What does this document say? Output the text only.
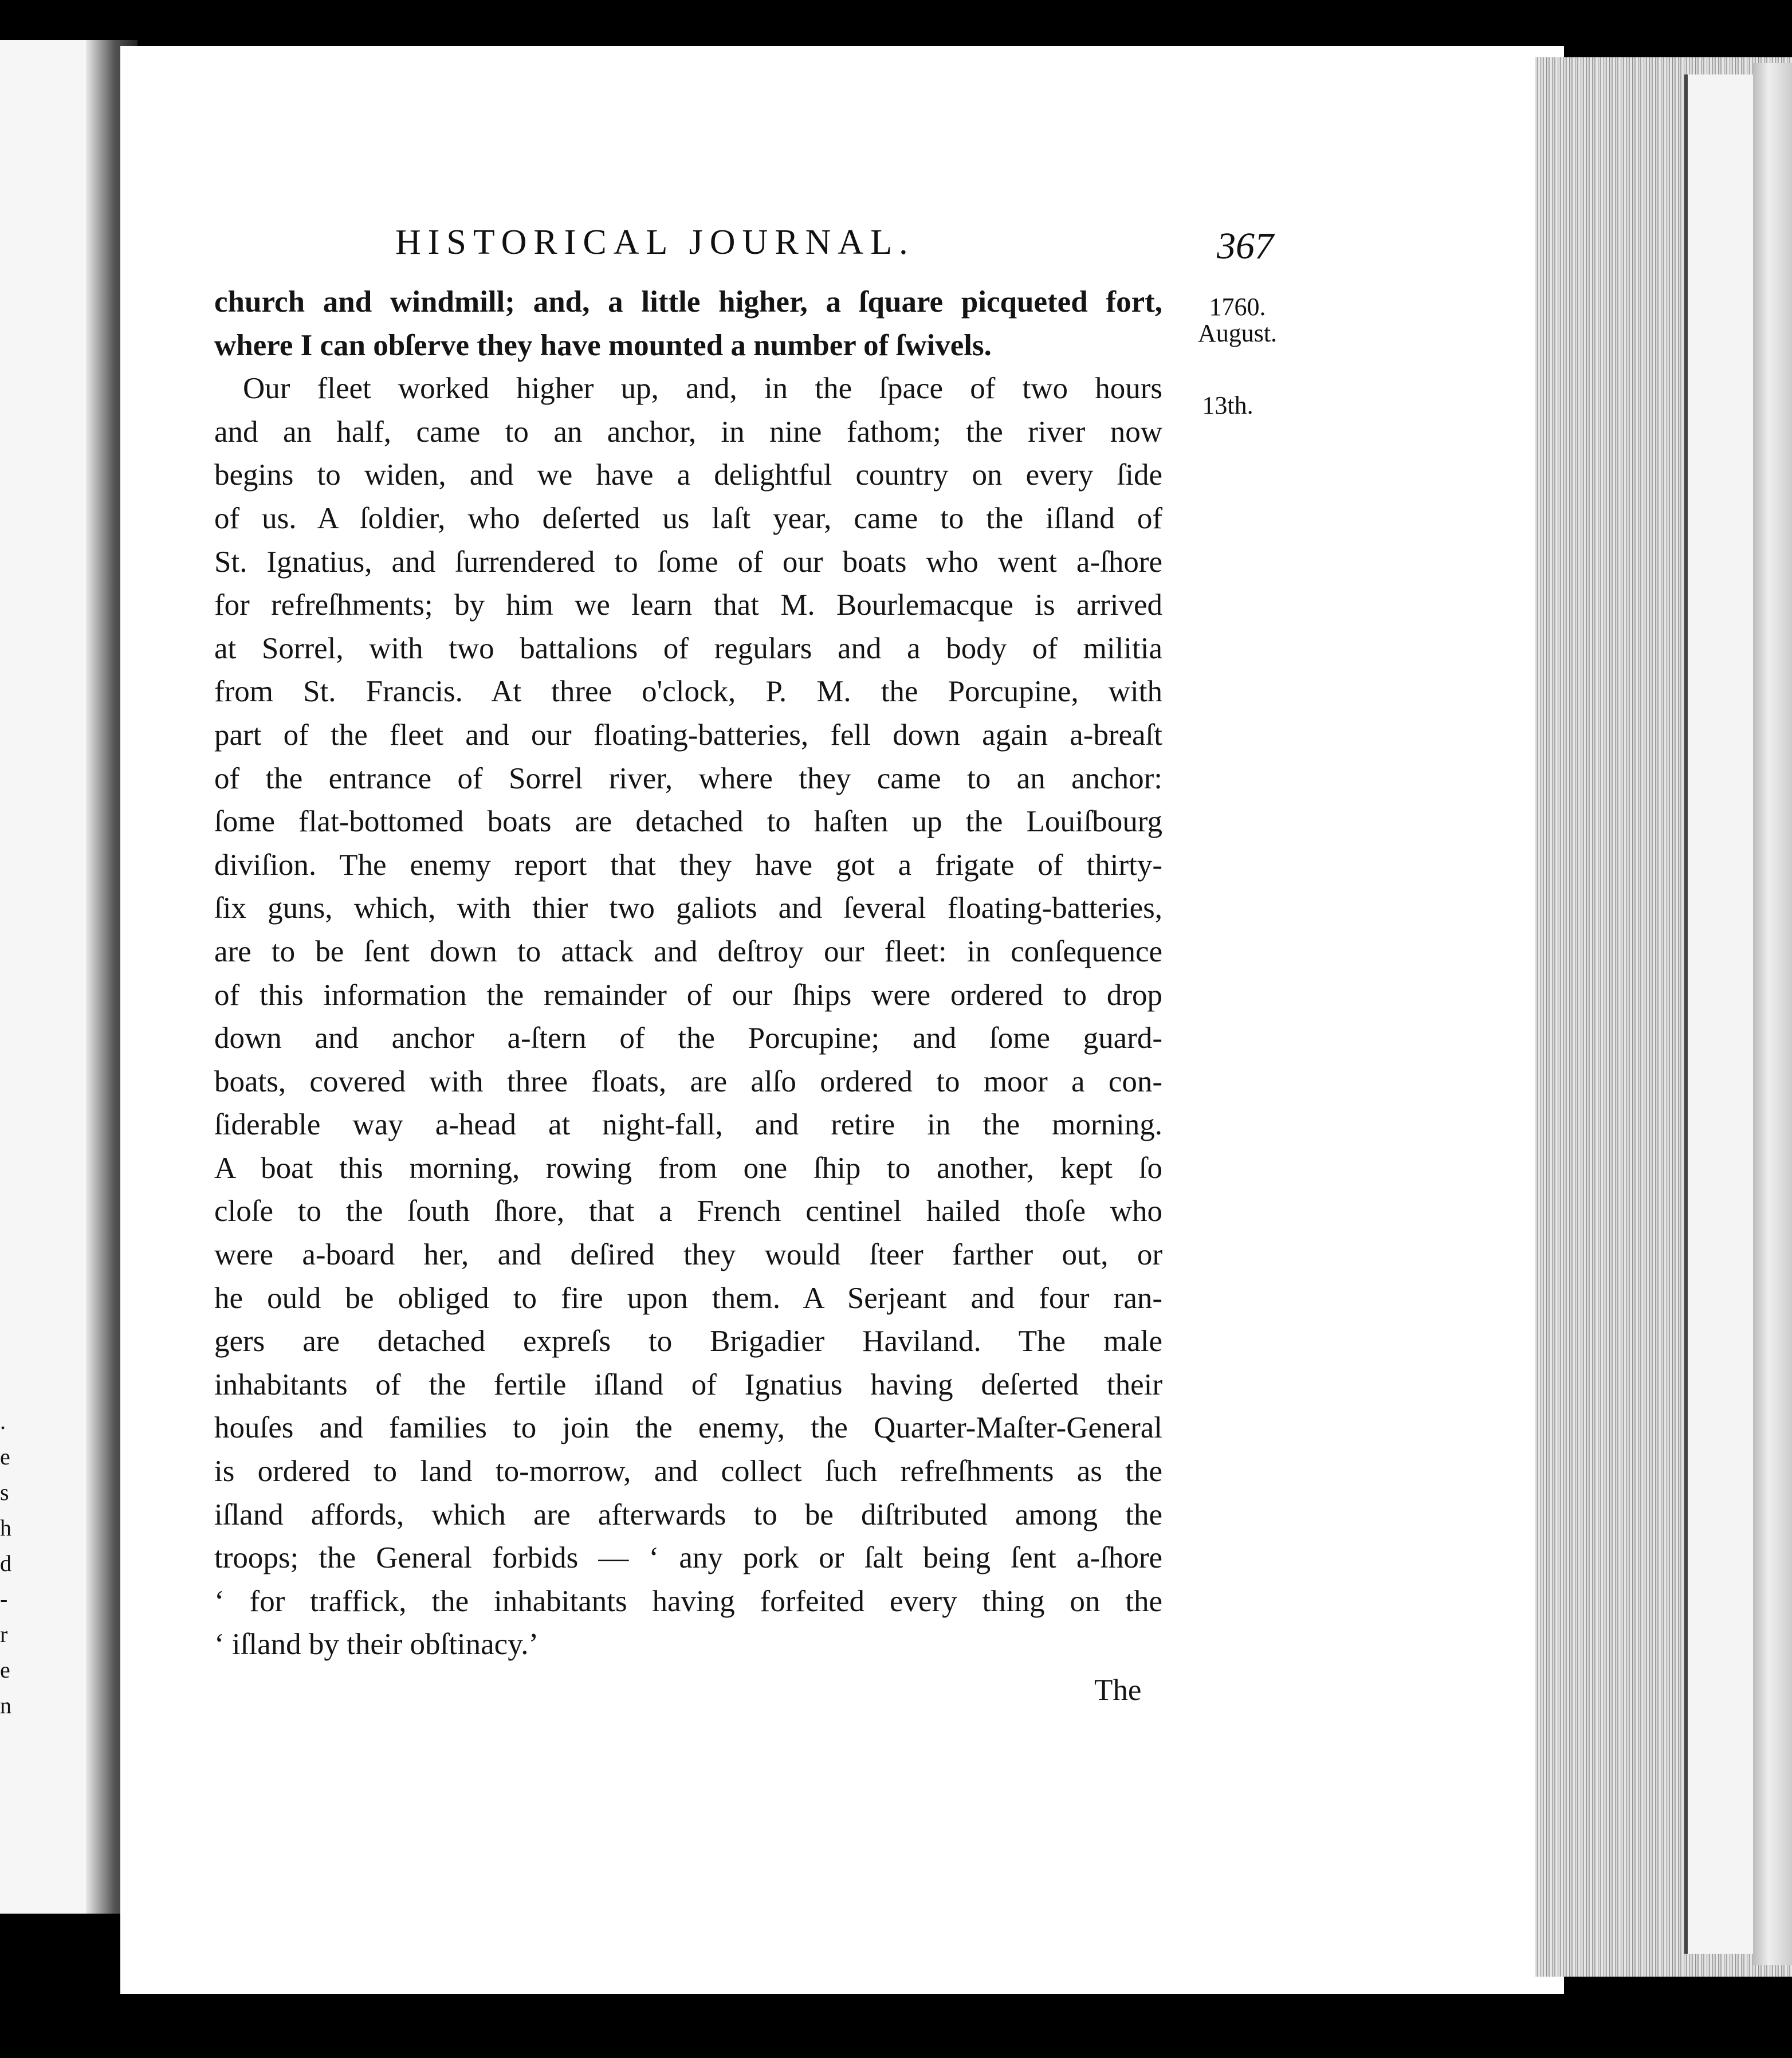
.
e
s
h
d
-
r
e
n
HISTORICAL JOURNAL.	367
1760.
August.
13th.
church and windmill; and, a little higher, a ſquare picqueted fort,
where I can obſerve they have mounted a number of ſwivels.
Our fleet worked higher up, and, in the ſpace of two hours
and an half, came to an anchor, in nine fathom; the river now
begins to widen, and we have a delightful country on every ſide
of us. A ſoldier, who deſerted us laſt year, came to the iſland of
St. Ignatius, and ſurrendered to ſome of our boats who went a-ſhore
for refreſhments; by him we learn that M. Bourlemacque is arrived
at Sorrel, with two battalions of regulars and a body of militia
from St. Francis. At three o'clock, P. M. the Porcupine, with
part of the fleet and our floating-batteries, fell down again a-breaſt
of the entrance of Sorrel river, where they came to an anchor:
ſome flat-bottomed boats are detached to haſten up the Louiſbourg
diviſion. The enemy report that they have got a frigate of thirty-
ſix guns, which, with thier two galiots and ſeveral floating-batteries,
are to be ſent down to attack and deſtroy our fleet: in conſequence
of this information the remainder of our ſhips were ordered to drop
down and anchor a-ſtern of the Porcupine; and ſome guard-
boats, covered with three floats, are alſo ordered to moor a con-
ſiderable way a-head at night-fall, and retire in the morning.
A boat this morning, rowing from one ſhip to another, kept ſo
cloſe to the ſouth ſhore, that a French centinel hailed thoſe who
were a-board her, and deſired they would ſteer farther out, or
he ould be obliged to fire upon them. A Serjeant and four ran-
gers are detached expreſs to Brigadier Haviland. The male
inhabitants of the fertile iſland of Ignatius having deſerted their
houſes and families to join the enemy, the Quarter-Maſter-General
is ordered to land to-morrow, and collect ſuch refreſhments as the
iſland affords, which are afterwards to be diſtributed among the
troops; the General forbids — ‘ any pork or ſalt being ſent a-ſhore
‘ for traffick, the inhabitants having forfeited every thing on the
‘ iſland by their obſtinacy.’
The
